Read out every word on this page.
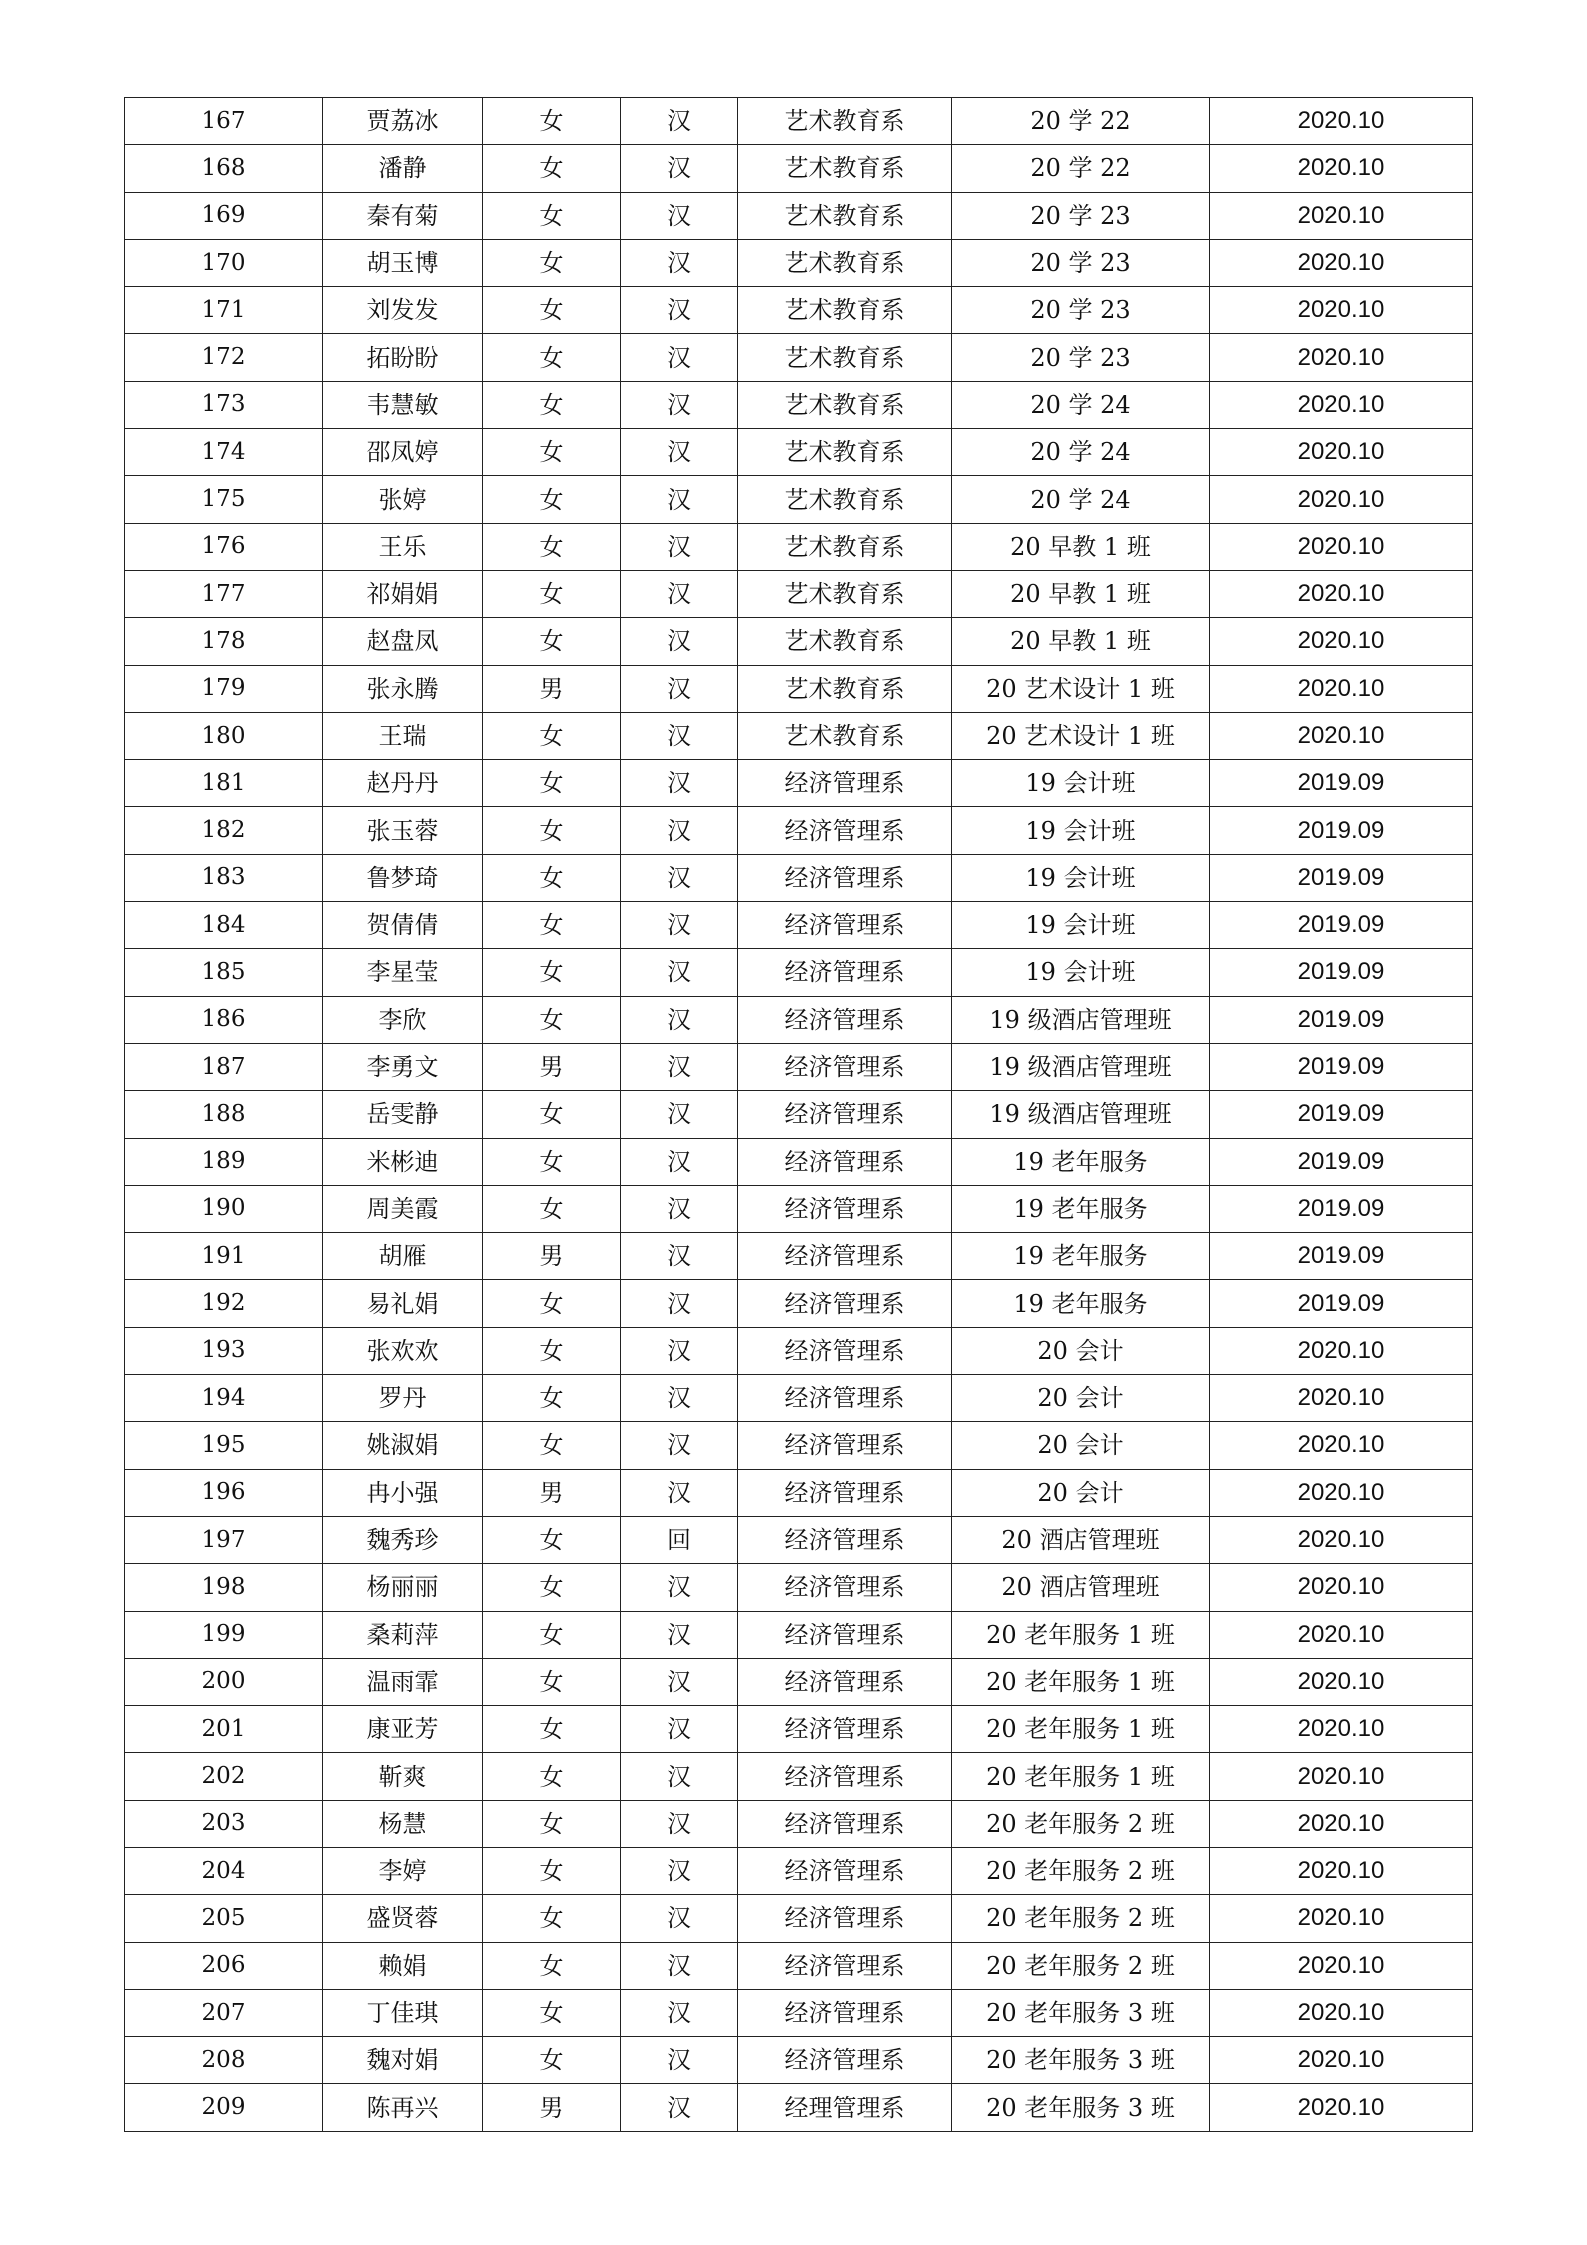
167	贾荔冰	女	汉	艺术教育系	20 学 22	2020.10
168	潘静	女	汉	艺术教育系	20 学 22	2020.10
169	秦有菊	女	汉	艺术教育系	20 学 23	2020.10
170	胡玉博	女	汉	艺术教育系	20 学 23	2020.10
171	刘发发	女	汉	艺术教育系	20 学 23	2020.10
172	拓盼盼	女	汉	艺术教育系	20 学 23	2020.10
173	韦慧敏	女	汉	艺术教育系	20 学 24	2020.10
174	邵凤婷	女	汉	艺术教育系	20 学 24	2020.10
175	张婷	女	汉	艺术教育系	20 学 24	2020.10
176	王乐	女	汉	艺术教育系	20 早教 1 班	2020.10
177	祁娟娟	女	汉	艺术教育系	20 早教 1 班	2020.10
178	赵盘凤	女	汉	艺术教育系	20 早教 1 班	2020.10
179	张永腾	男	汉	艺术教育系	20 艺术设计 1 班	2020.10
180	王瑞	女	汉	艺术教育系	20 艺术设计 1 班	2020.10
181	赵丹丹	女	汉	经济管理系	19 会计班	2019.09
182	张玉蓉	女	汉	经济管理系	19 会计班	2019.09
183	鲁梦琦	女	汉	经济管理系	19 会计班	2019.09
184	贺倩倩	女	汉	经济管理系	19 会计班	2019.09
185	李星莹	女	汉	经济管理系	19 会计班	2019.09
186	李欣	女	汉	经济管理系	19 级酒店管理班	2019.09
187	李勇文	男	汉	经济管理系	19 级酒店管理班	2019.09
188	岳雯静	女	汉	经济管理系	19 级酒店管理班	2019.09
189	米彬迪	女	汉	经济管理系	19 老年服务	2019.09
190	周美霞	女	汉	经济管理系	19 老年服务	2019.09
191	胡雁	男	汉	经济管理系	19 老年服务	2019.09
192	易礼娟	女	汉	经济管理系	19 老年服务	2019.09
193	张欢欢	女	汉	经济管理系	20 会计	2020.10
194	罗丹	女	汉	经济管理系	20 会计	2020.10
195	姚淑娟	女	汉	经济管理系	20 会计	2020.10
196	冉小强	男	汉	经济管理系	20 会计	2020.10
197	魏秀珍	女	回	经济管理系	20 酒店管理班	2020.10
198	杨丽丽	女	汉	经济管理系	20 酒店管理班	2020.10
199	桑莉萍	女	汉	经济管理系	20 老年服务 1 班	2020.10
200	温雨霏	女	汉	经济管理系	20 老年服务 1 班	2020.10
201	康亚芳	女	汉	经济管理系	20 老年服务 1 班	2020.10
202	靳爽	女	汉	经济管理系	20 老年服务 1 班	2020.10
203	杨慧	女	汉	经济管理系	20 老年服务 2 班	2020.10
204	李婷	女	汉	经济管理系	20 老年服务 2 班	2020.10
205	盛贤蓉	女	汉	经济管理系	20 老年服务 2 班	2020.10
206	赖娟	女	汉	经济管理系	20 老年服务 2 班	2020.10
207	丁佳琪	女	汉	经济管理系	20 老年服务 3 班	2020.10
208	魏对娟	女	汉	经济管理系	20 老年服务 3 班	2020.10
209	陈再兴	男	汉	经理管理系	20 老年服务 3 班	2020.10
